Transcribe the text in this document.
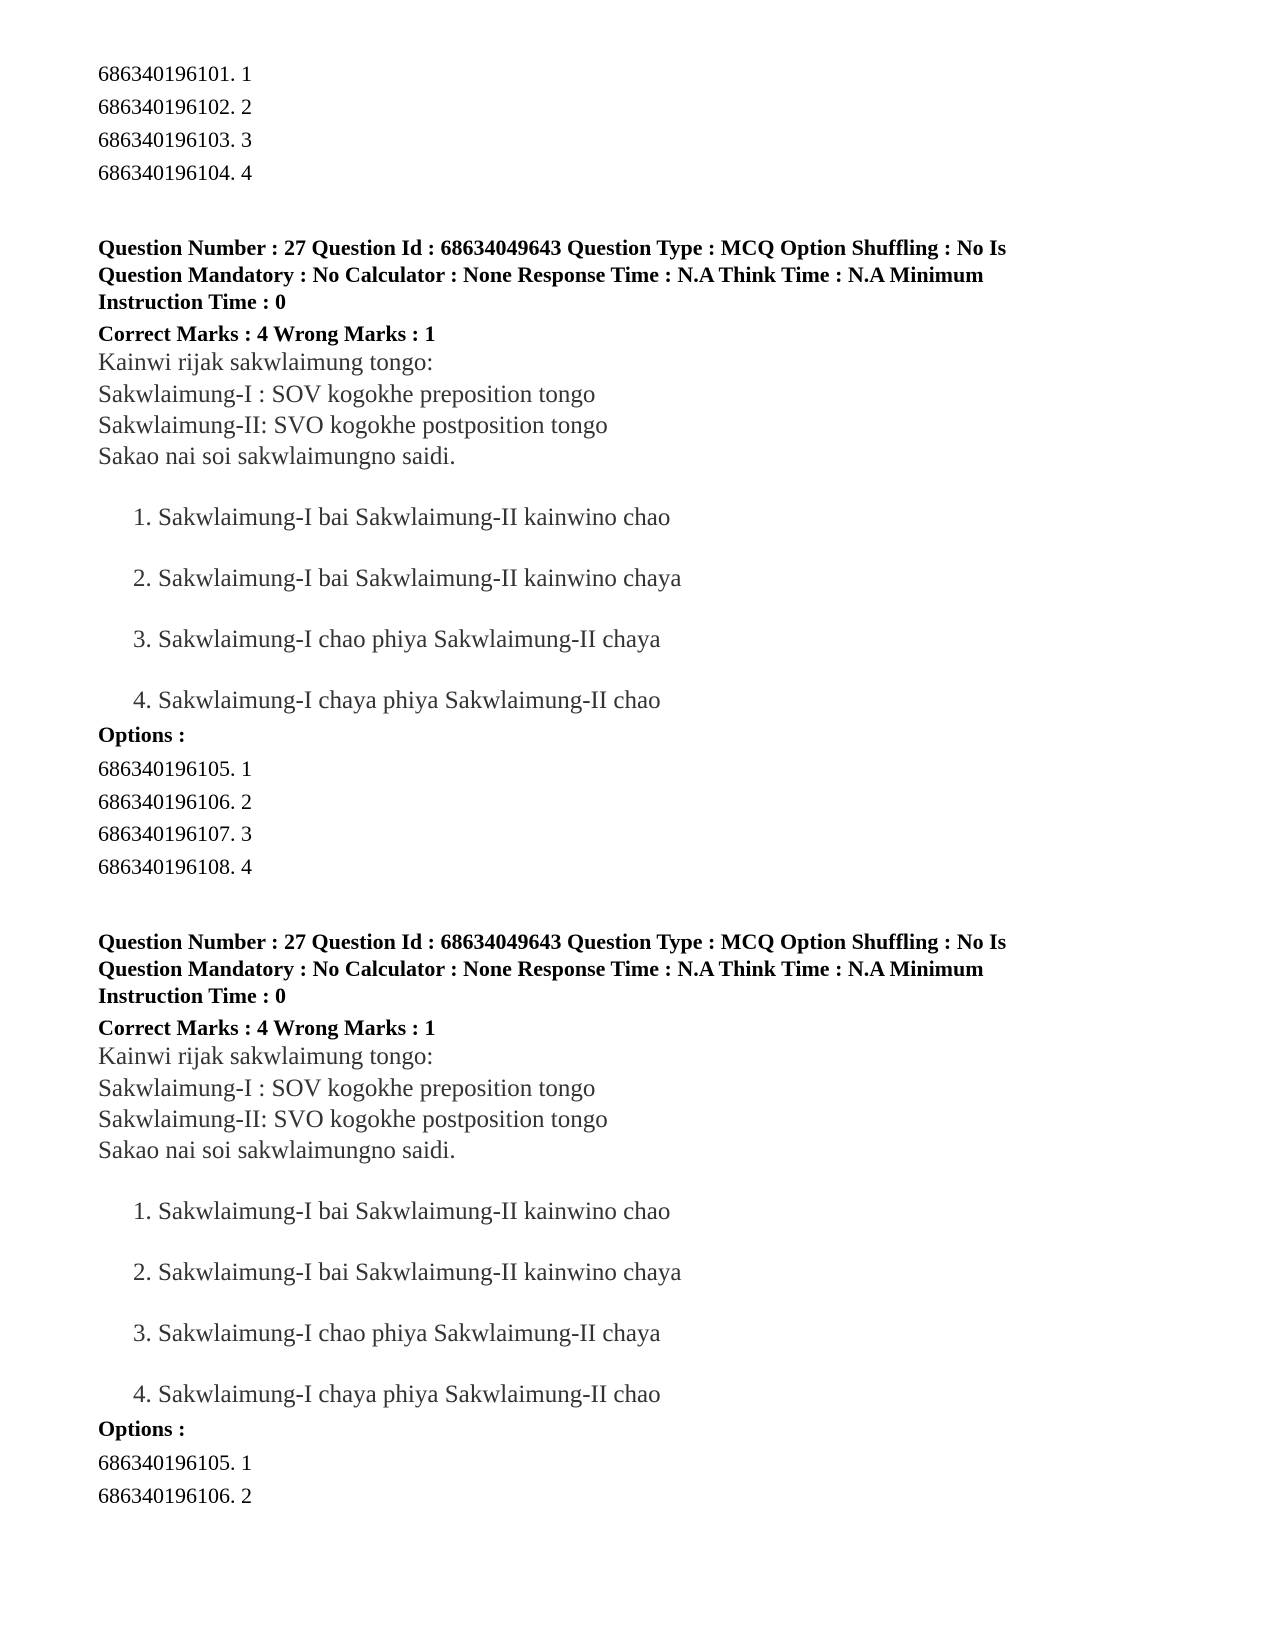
686340196101. 1
686340196102. 2
686340196103. 3
686340196104. 4
Question Number : 27 Question Id : 68634049643 Question Type : MCQ Option Shuffling : No Is
Question Mandatory : No Calculator : None Response Time : N.A Think Time : N.A Minimum
Instruction Time : 0
Correct Marks : 4 Wrong Marks : 1
Kainwi rijak sakwlaimung tongo:
Sakwlaimung-I : SOV kogokhe preposition tongo
Sakwlaimung-II: SVO kogokhe postposition tongo
Sakao nai soi sakwlaimungno saidi.
1. Sakwlaimung-I bai Sakwlaimung-II kainwino chao
2. Sakwlaimung-I bai Sakwlaimung-II kainwino chaya
3. Sakwlaimung-I chao phiya Sakwlaimung-II chaya
4. Sakwlaimung-I chaya phiya Sakwlaimung-II chao
Options :
686340196105. 1
686340196106. 2
686340196107. 3
686340196108. 4
Question Number : 27 Question Id : 68634049643 Question Type : MCQ Option Shuffling : No Is
Question Mandatory : No Calculator : None Response Time : N.A Think Time : N.A Minimum
Instruction Time : 0
Correct Marks : 4 Wrong Marks : 1
Kainwi rijak sakwlaimung tongo:
Sakwlaimung-I : SOV kogokhe preposition tongo
Sakwlaimung-II: SVO kogokhe postposition tongo
Sakao nai soi sakwlaimungno saidi.
1. Sakwlaimung-I bai Sakwlaimung-II kainwino chao
2. Sakwlaimung-I bai Sakwlaimung-II kainwino chaya
3. Sakwlaimung-I chao phiya Sakwlaimung-II chaya
4. Sakwlaimung-I chaya phiya Sakwlaimung-II chao
Options :
686340196105. 1
686340196106. 2
